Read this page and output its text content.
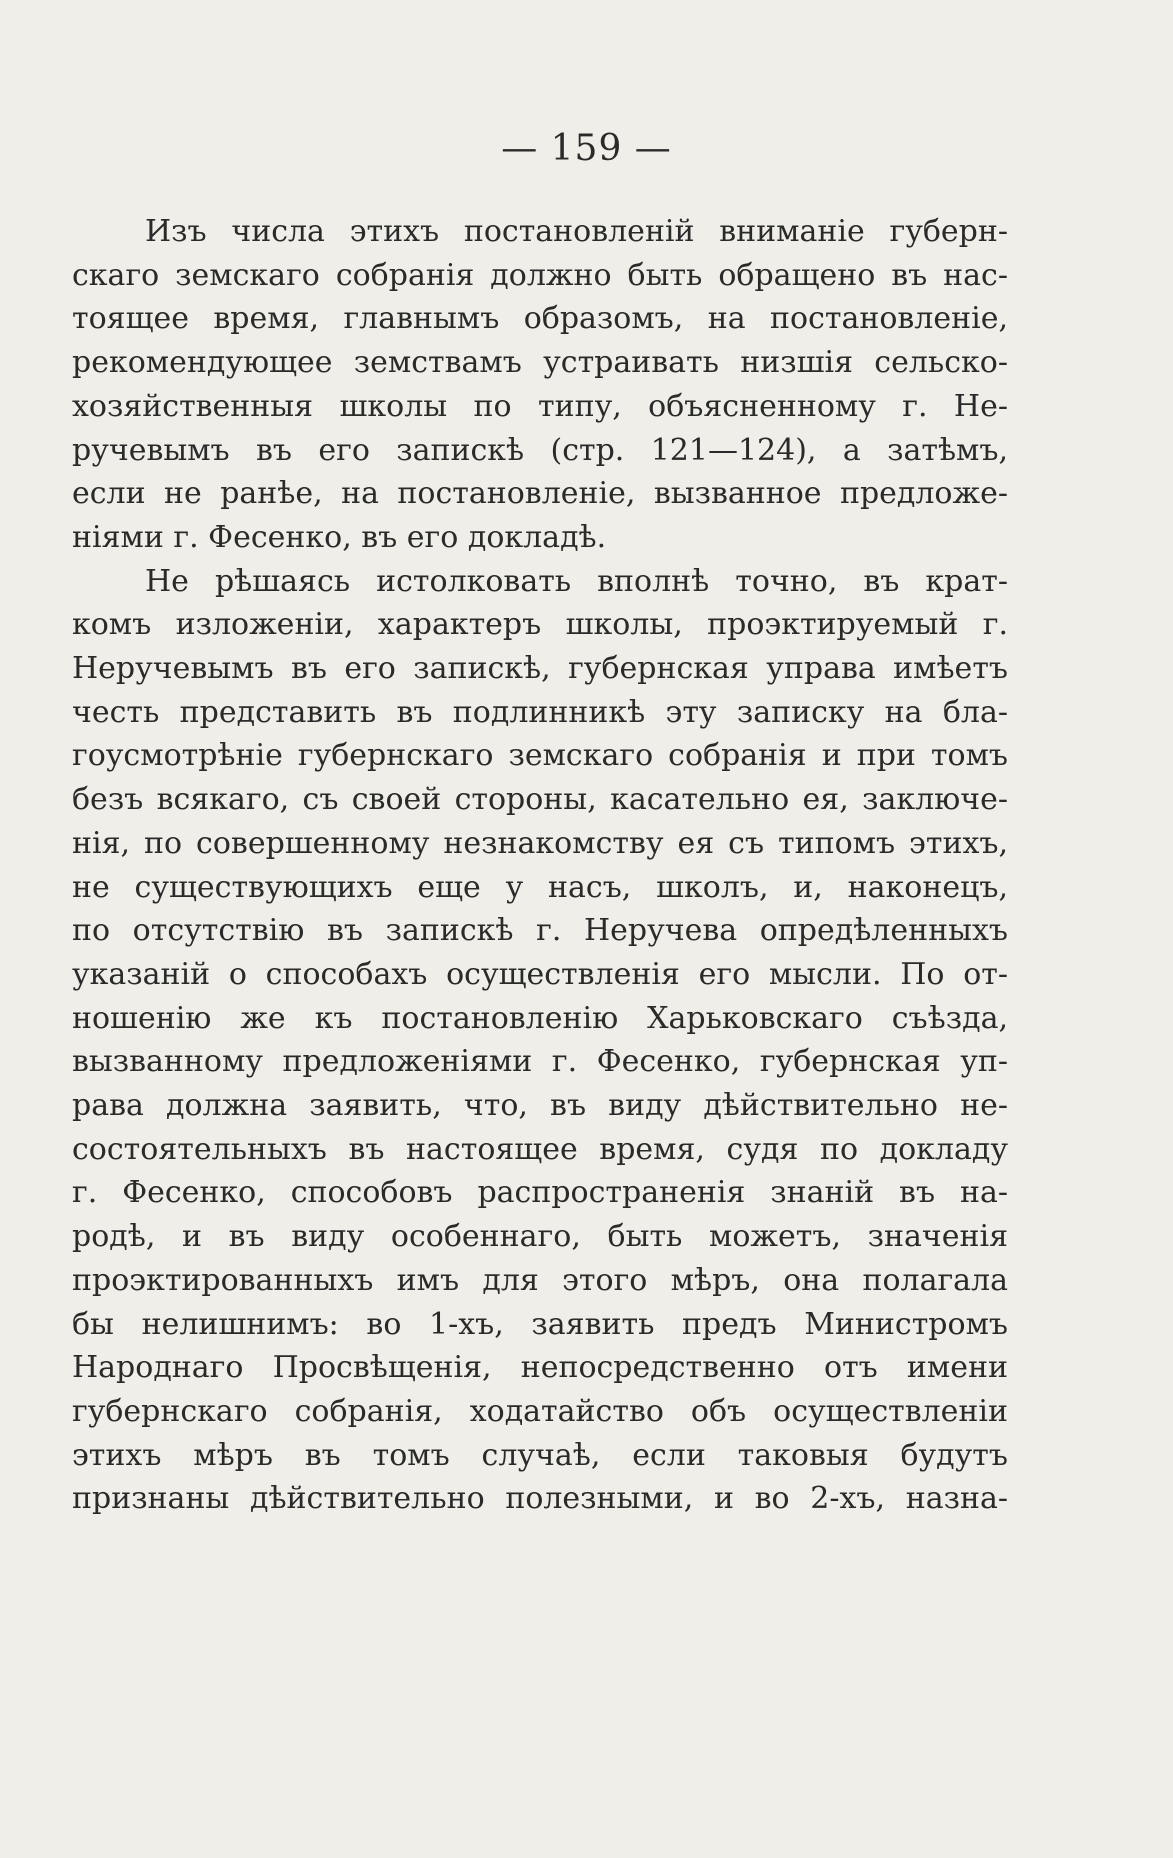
— 159 —
Изъ числа этихъ постановленій вниманіе губерн-
скаго земскаго собранія должно быть обращено въ нас-
тоящее время, главнымъ образомъ, на постановленіе,
рекомендующее земствамъ устраивать низшія сельско-
хозяйственныя школы по типу, объясненному г. Не-
ручевымъ въ его запискѣ (стр. 121—124), а затѣмъ,
если не ранѣе, на постановленіе, вызванное предложе-
ніями г. Фесенко, въ его докладѣ.
Не рѣшаясь истолковать вполнѣ точно, въ крат-
комъ изложеніи, характеръ школы, проэктируемый г.
Неручевымъ въ его запискѣ, губернская управа имѣетъ
честь представить въ подлинникѣ эту записку на бла-
гоусмотрѣніе губернскаго земскаго собранія и при томъ
безъ всякаго, съ своей стороны, касательно ея, заключе-
нія, по совершенному незнакомству ея съ типомъ этихъ,
не существующихъ еще у насъ, школъ, и, наконецъ,
по отсутствію въ запискѣ г. Неручева опредѣленныхъ
указаній о способахъ осуществленія его мысли. По от-
ношенію же къ постановленію Харьковскаго съѣзда,
вызванному предложеніями г. Фесенко, губернская уп-
рава должна заявить, что, въ виду дѣйствительно не-
состоятельныхъ въ настоящее время, судя по докладу
г. Фесенко, способовъ распространенія знаній въ на-
родѣ, и въ виду особеннаго, быть можетъ, значенія
проэктированныхъ имъ для этого мѣръ, она полагала
бы нелишнимъ: во 1-хъ, заявить предъ Министромъ
Народнаго Просвѣщенія, непосредственно отъ имени
губернскаго собранія, ходатайство объ осуществленіи
этихъ мѣръ въ томъ случаѣ, если таковыя будутъ
признаны дѣйствительно полезными, и во 2-хъ, назна-
